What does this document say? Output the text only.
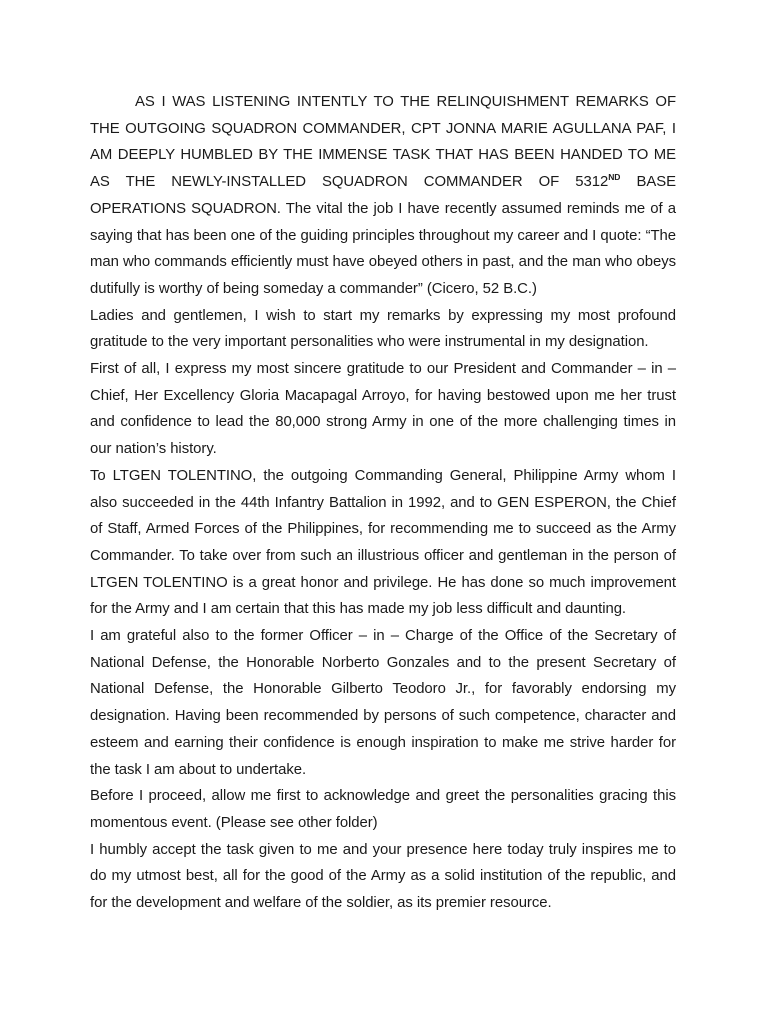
AS I WAS LISTENING INTENTLY TO THE RELINQUISHMENT REMARKS OF THE OUTGOING SQUADRON COMMANDER, CPT JONNA MARIE AGULLANA PAF, I AM DEEPLY HUMBLED BY THE IMMENSE TASK THAT HAS BEEN HANDED TO ME AS THE NEWLY-INSTALLED SQUADRON COMMANDER OF 5312ND BASE OPERATIONS SQUADRON. The vital the job I have recently assumed reminds me of a saying that has been one of the guiding principles throughout my career and I quote: “The man who commands efficiently must have obeyed others in past, and the man who obeys dutifully is worthy of being someday a commander” (Cicero, 52 B.C.)

Ladies and gentlemen, I wish to start my remarks by expressing my most profound gratitude to the very important personalities who were instrumental in my designation.

First of all, I express my most sincere gratitude to our President and Commander – in – Chief, Her Excellency Gloria Macapagal Arroyo, for having bestowed upon me her trust and confidence to lead the 80,000 strong Army in one of the more challenging times in our nation’s history.

To LTGEN TOLENTINO, the outgoing Commanding General, Philippine Army whom I also succeeded in the 44th Infantry Battalion in 1992, and to GEN ESPERON, the Chief of Staff, Armed Forces of the Philippines, for recommending me to succeed as the Army Commander. To take over from such an illustrious officer and gentleman in the person of LTGEN TOLENTINO is a great honor and privilege. He has done so much improvement for the Army and I am certain that this has made my job less difficult and daunting.

I am grateful also to the former Officer – in – Charge of the Office of the Secretary of National Defense, the Honorable Norberto Gonzales and to the present Secretary of National Defense, the Honorable Gilberto Teodoro Jr., for favorably endorsing my designation. Having been recommended by persons of such competence, character and esteem and earning their confidence is enough inspiration to make me strive harder for the task I am about to undertake.

Before I proceed, allow me first to acknowledge and greet the personalities gracing this momentous event. (Please see other folder)

I humbly accept the task given to me and your presence here today truly inspires me to do my utmost best, all for the good of the Army as a solid institution of the republic, and for the development and welfare of the soldier, as its premier resource.
